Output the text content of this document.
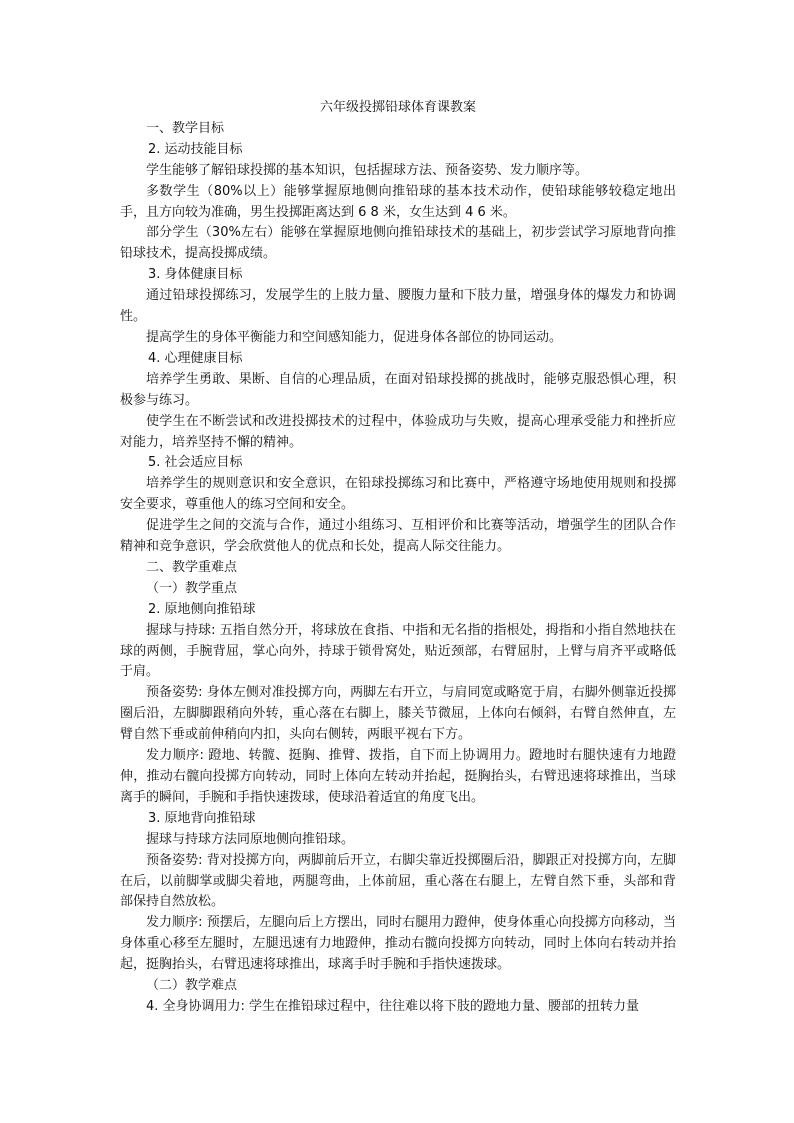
六年级投掷铅球体育课教案

一、教学目标

2. 运动技能目标

学生能够了解铅球投掷的基本知识，包括握球方法、预备姿势、发力顺序等。

多数学生（80%以上）能够掌握原地侧向推铅球的基本技术动作，使铅球能够较稳定地出手，且方向较为准确，男生投掷距离达到 6 8 米，女生达到 4 6 米。

部分学生（30%左右）能够在掌握原地侧向推铅球技术的基础上，初步尝试学习原地背向推铅球技术，提高投掷成绩。

3. 身体健康目标

通过铅球投掷练习，发展学生的上肢力量、腰腹力量和下肢力量，增强身体的爆发力和协调性。

提高学生的身体平衡能力和空间感知能力，促进身体各部位的协同运动。

4. 心理健康目标

培养学生勇敢、果断、自信的心理品质，在面对铅球投掷的挑战时，能够克服恐惧心理，积极参与练习。

使学生在不断尝试和改进投掷技术的过程中，体验成功与失败，提高心理承受能力和挫折应对能力，培养坚持不懈的精神。

5. 社会适应目标

培养学生的规则意识和安全意识，在铅球投掷练习和比赛中，严格遵守场地使用规则和投掷安全要求，尊重他人的练习空间和安全。

促进学生之间的交流与合作，通过小组练习、互相评价和比赛等活动，增强学生的团队合作精神和竞争意识，学会欣赏他人的优点和长处，提高人际交往能力。

二、教学重难点

（一）教学重点

2. 原地侧向推铅球

握球与持球: 五指自然分开，将球放在食指、中指和无名指的指根处，拇指和小指自然地扶在球的两侧，手腕背屈，掌心向外，持球于锁骨窝处，贴近颈部，右臂屈肘，上臂与肩齐平或略低于肩。

预备姿势: 身体左侧对准投掷方向，两脚左右开立，与肩同宽或略宽于肩，右脚外侧靠近投掷圈后沿，左脚脚跟稍向外转，重心落在右脚上，膝关节微屈，上体向右倾斜，右臂自然伸直，左臂自然下垂或前伸稍向内扣，头向右侧转，两眼平视右下方。

发力顺序: 蹬地、转髋、挺胸、推臂、拨指，自下而上协调用力。蹬地时右腿快速有力地蹬伸，推动右髋向投掷方向转动，同时上体向左转动并抬起，挺胸抬头，右臂迅速将球推出，当球离手的瞬间，手腕和手指快速拨球，使球沿着适宜的角度飞出。

3. 原地背向推铅球

握球与持球方法同原地侧向推铅球。

预备姿势: 背对投掷方向，两脚前后开立，右脚尖靠近投掷圈后沿，脚跟正对投掷方向，左脚在后，以前脚掌或脚尖着地，两腿弯曲，上体前屈，重心落在右腿上，左臂自然下垂，头部和背部保持自然放松。

发力顺序: 预摆后，左腿向后上方摆出，同时右腿用力蹬伸，使身体重心向投掷方向移动，当身体重心移至左腿时，左腿迅速有力地蹬伸，推动右髋向投掷方向转动，同时上体向右转动并抬起，挺胸抬头，右臂迅速将球推出，球离手时手腕和手指快速拨球。

（二）教学难点

4. 全身协调用力: 学生在推铅球过程中，往往难以将下肢的蹬地力量、腰部的扭转力量
